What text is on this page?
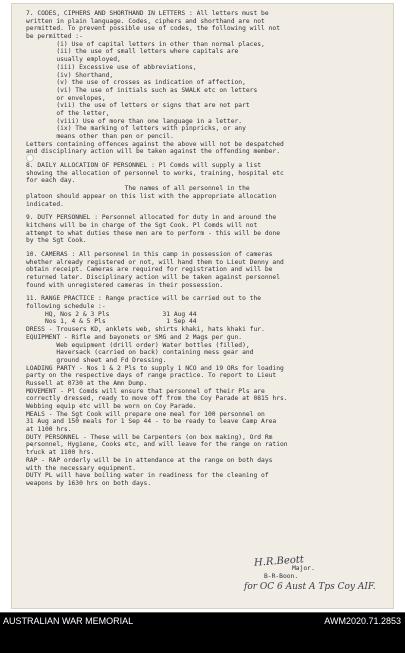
7. CODES, CIPHERS AND SHORTHAND IN LETTERS : All letters must be
written in plain language. Codes, ciphers and shorthand are not
permitted. To prevent possible use of codes, the following will not
be permitted :-
(i) Use of capital letters in other than normal places,
(ii) the use of small letters where capitals are
usually employed,
(iii) Excessive use of abbreviations,
(iv) Shorthand,
(v) the use of crosses as indication of affection,
(vi) The use of initials such as SWALK etc on letters
or envelopes,
(vii) the use of letters or signs that are not part
of the letter,
(viii) Use of more than one language in a letter.
(ix) The marking of letters with pinpricks, or any
means other than pen or pencil.
Letters containing offences against the above will not be despatched
and disciplinary action will be taken against the offending member.
8. DAILY ALLOCATION OF PERSONNEL : Pl Comds will supply a list
showing the allocation of personnel to works, training, hospital etc
for each day.
The names of all personnel in the
platoon should appear on this list with the appropriate allocation
indicated.
9. DUTY PERSONNEL : Personnel allocated for duty in and around the
kitchens will be in charge of the Sgt Cook. Pl Comds will not
attempt to what duties these men are to perform - this will be done
by the Sgt Cook.
10. CAMERAS : All personnel in this camp in possession of cameras
whether already registered or not, will hand them to Lieut Denny and
obtain receipt. Cameras are required for registration and will be
returned later. Disciplinary action will be taken against personnel
found with unregistered cameras in their possession.
11. RANGE PRACTICE : Range practice will be carried out to the
following schedule :-
HQ, Nos 2 & 3 Pls              31 Aug 44
Nos 1, 4 & 5 Pls                1 Sep 44
DRESS - Trousers KD, anklets web, shirts khaki, hats khaki fur.
EQUIPMENT - Rifle and bayonets or SMG and 2 Mags per gun.
Web equipment (drill order) Water bottles (filled),
Haversack (carried on back) containing mess gear and
ground sheet and Fd Dressing.
LOADING PARTY - Nos 1 & 2 Pls to supply 1 NCO and 19 ORs for loading
party on the respective days of range practice. To report to Lieut
Russell at 0730 at the Amn Dump.
MOVEMENT - Pl Comds will ensure that personnel of their Pls are
correctly dressed, ready to move off from the Coy Parade at 0815 hrs.
Webbing equip etc will be worn on Coy Parade.
MEALS - The Sgt Cook will prepare one meal for 100 personnel on
31 Aug and 150 meals for 1 Sep 44 - to be ready to leave Camp Area
at 1100 hrs.
DUTY PERSONNEL - These will be Carpenters (on box making), Ord Rm
personnel, Hygiene, Cooks etc, and will leave for the range on ration
truck at 1100 hrs.
RAP - RAP orderly will be in attendance at the range on both days
with the necessary equipment.
DUTY PL will have boiling water in readiness for the cleaning of
weapons by 1630 hrs on both days.
H.R.Beott
Major.
B-R-Boon.
for OC 6 Aust A Tps Coy AIF.
AUSTRALIAN WAR MEMORIAL	AWM2020.71.2853
